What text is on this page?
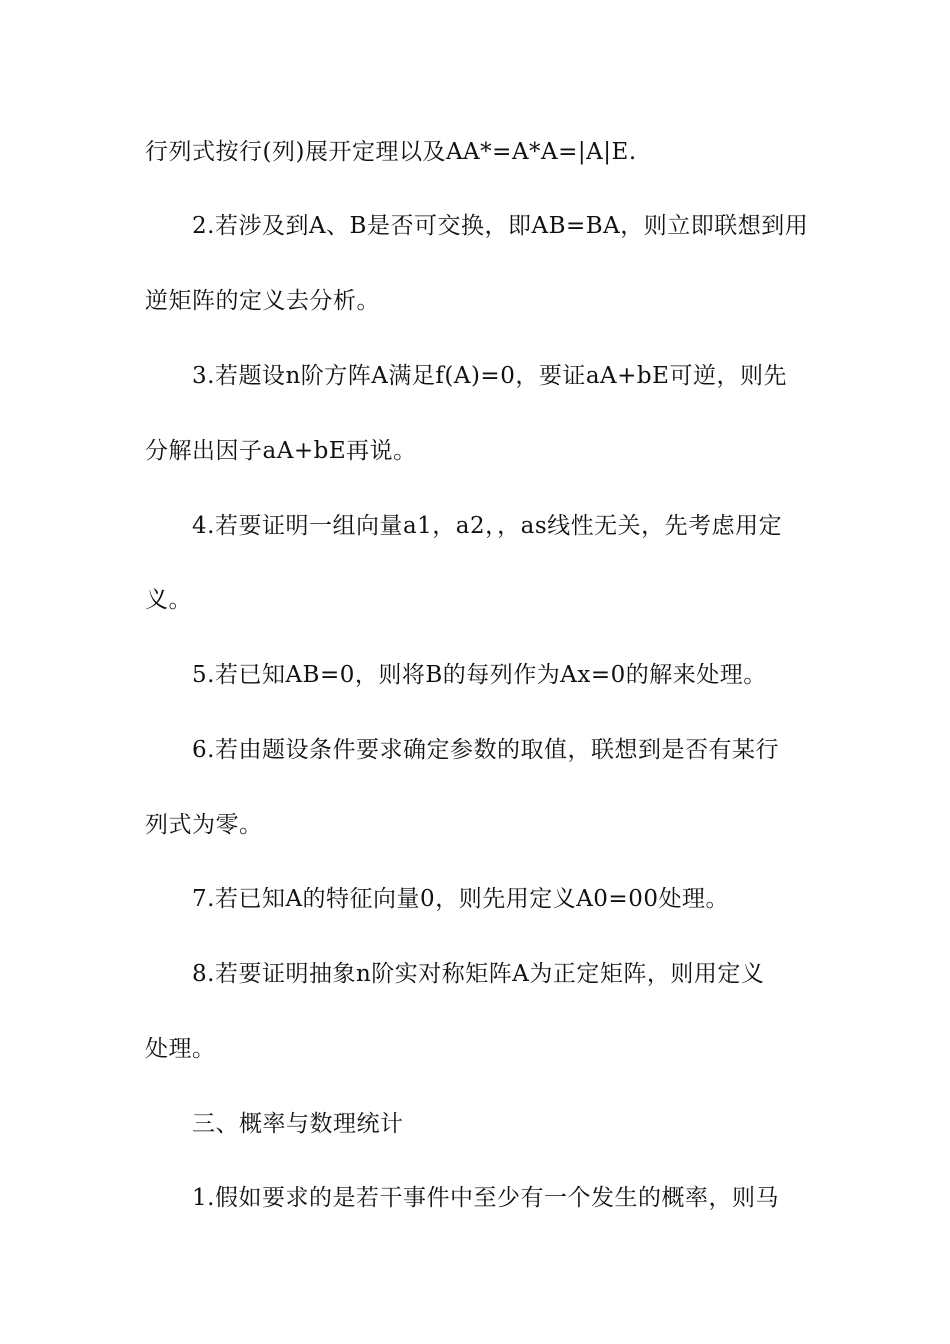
行列式按行(列)展开定理以及AA*=A*A=|A|E.
2.若涉及到A、B是否可交换，即AB=BA，则立即联想到用
逆矩阵的定义去分析。
3.若题设n阶方阵A满足f(A)=0，要证aA+bE可逆，则先
分解出因子aA+bE再说。
4.若要证明一组向量a1，a2，，as线性无关，先考虑用定
义。
5.若已知AB=0，则将B的每列作为Ax=0的解来处理。
6.若由题设条件要求确定参数的取值，联想到是否有某行
列式为零。
7.若已知A的特征向量0，则先用定义A0=00处理。
8.若要证明抽象n阶实对称矩阵A为正定矩阵，则用定义
处理。
三、概率与数理统计
1.假如要求的是若干事件中至少有一个发生的概率，则马
